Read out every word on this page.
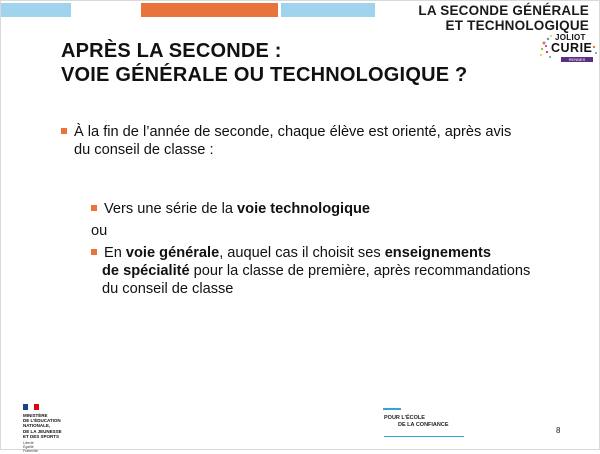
LA SECONDE GÉNÉRALE
ET TECHNOLOGIQUE
JOLIOT
CURIE
RENNES
APRÈS LA SECONDE :
VOIE GÉNÉRALE OU TECHNOLOGIQUE ?
À la fin de l’année de seconde, chaque élève est orienté, après avis
du conseil de classe :
Vers une série de la voie technologique
ou
En voie générale, auquel cas il choisit ses enseignements
de spécialité pour la classe de première, après recommandations
du conseil de classe
MINISTÈRE
DE L’ÉDUCATION
NATIONALE,
DE LA JEUNESSE
ET DES SPORTS
Liberté
Égalité
Fraternité
POUR L’ÉCOLE
DE LA CONFIANCE
8
